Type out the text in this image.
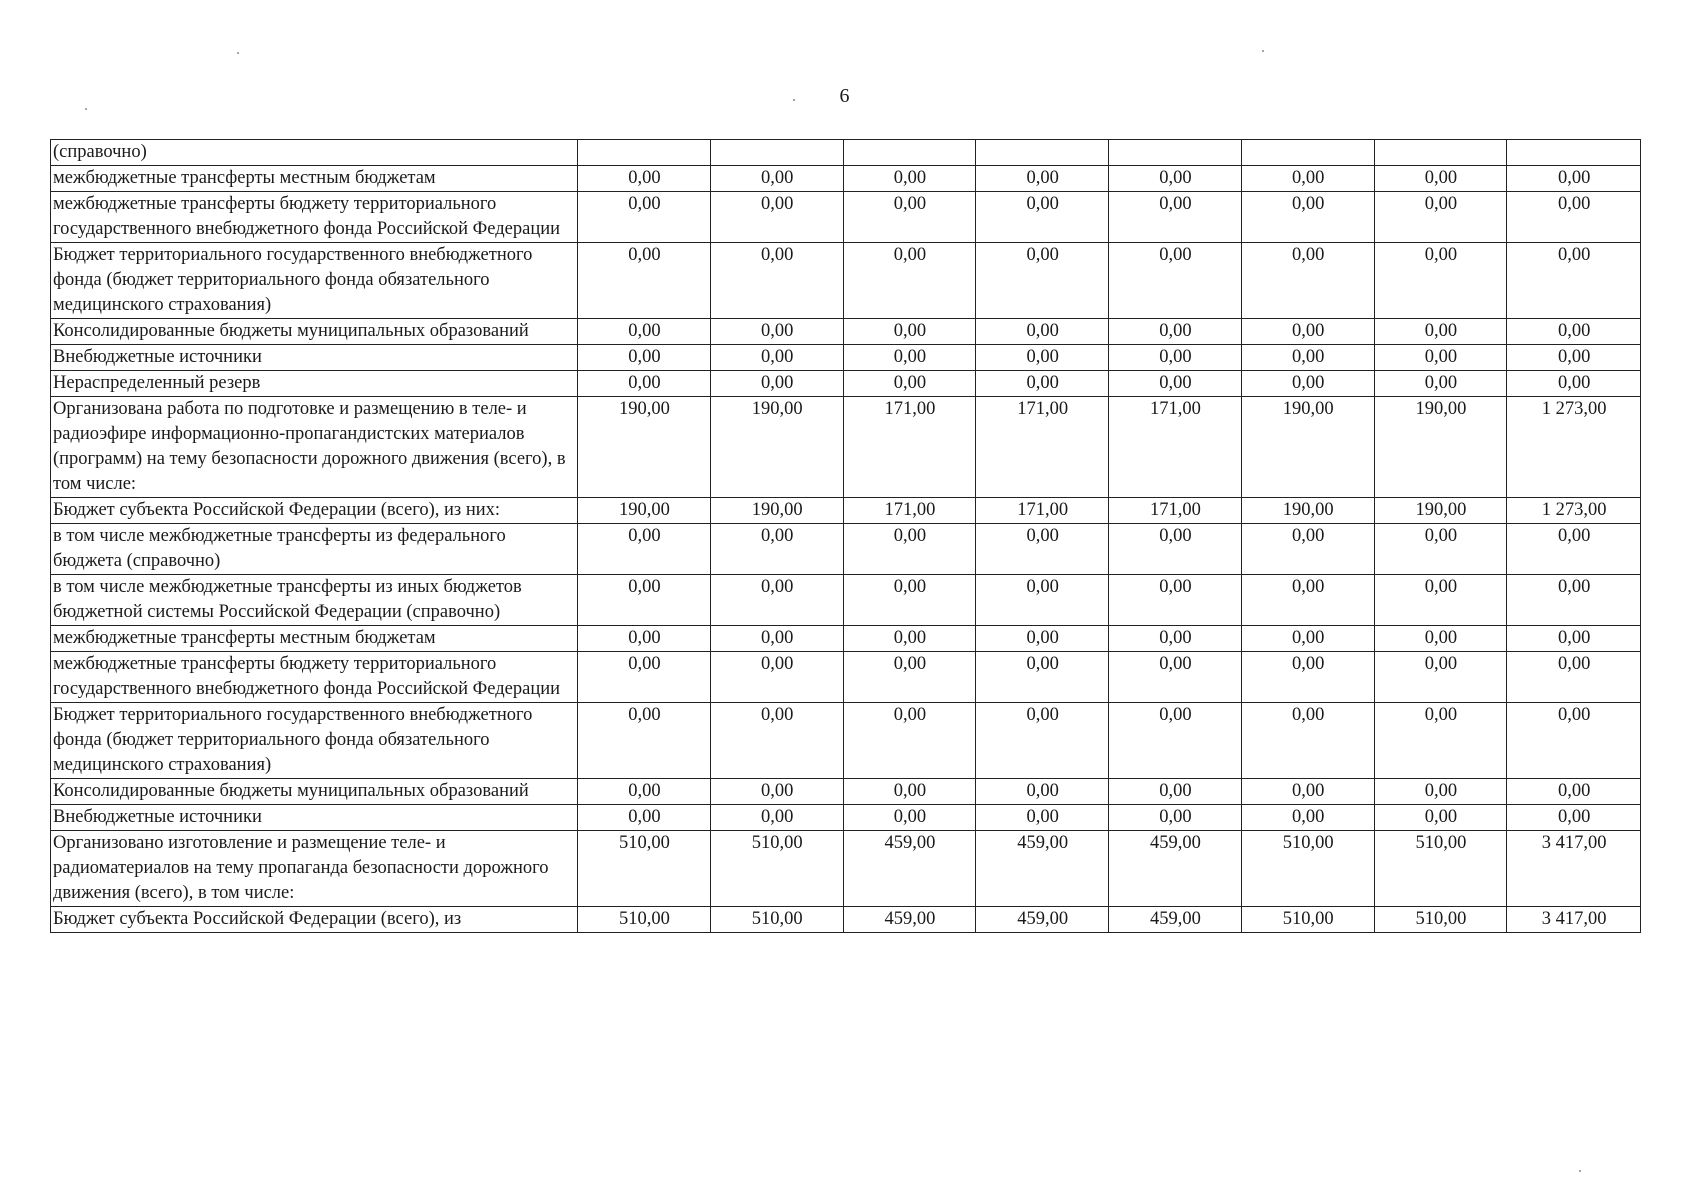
6
(справочно)								
межбюджетные трансферты местным бюджетам	0,00	0,00	0,00	0,00	0,00	0,00	0,00	0,00
межбюджетные трансферты бюджету территориального государственного внебюджетного фонда Российской Федерации	0,00	0,00	0,00	0,00	0,00	0,00	0,00	0,00
Бюджет территориального государственного внебюджетного фонда (бюджет территориального фонда обязательного медицинского страхования)	0,00	0,00	0,00	0,00	0,00	0,00	0,00	0,00
Консолидированные бюджеты муниципальных образований	0,00	0,00	0,00	0,00	0,00	0,00	0,00	0,00
Внебюджетные источники	0,00	0,00	0,00	0,00	0,00	0,00	0,00	0,00
Нераспределенный резерв	0,00	0,00	0,00	0,00	0,00	0,00	0,00	0,00
Организована работа по подготовке и размещению в теле- и радиоэфире информационно-пропагандистских материалов (программ) на тему безопасности дорожного движения (всего), в том числе:	190,00	190,00	171,00	171,00	171,00	190,00	190,00	1 273,00
Бюджет субъекта Российской Федерации (всего), из них:	190,00	190,00	171,00	171,00	171,00	190,00	190,00	1 273,00
в том числе межбюджетные трансферты из федерального бюджета (справочно)	0,00	0,00	0,00	0,00	0,00	0,00	0,00	0,00
в том числе межбюджетные трансферты из иных бюджетов бюджетной системы Российской Федерации (справочно)	0,00	0,00	0,00	0,00	0,00	0,00	0,00	0,00
межбюджетные трансферты местным бюджетам	0,00	0,00	0,00	0,00	0,00	0,00	0,00	0,00
межбюджетные трансферты бюджету территориального государственного внебюджетного фонда Российской Федерации	0,00	0,00	0,00	0,00	0,00	0,00	0,00	0,00
Бюджет территориального государственного внебюджетного фонда (бюджет территориального фонда обязательного медицинского страхования)	0,00	0,00	0,00	0,00	0,00	0,00	0,00	0,00
Консолидированные бюджеты муниципальных образований	0,00	0,00	0,00	0,00	0,00	0,00	0,00	0,00
Внебюджетные источники	0,00	0,00	0,00	0,00	0,00	0,00	0,00	0,00
Организовано изготовление и размещение теле- и радиоматериалов на тему пропаганда безопасности дорожного движения (всего), в том числе:	510,00	510,00	459,00	459,00	459,00	510,00	510,00	3 417,00
Бюджет субъекта Российской Федерации (всего), из	510,00	510,00	459,00	459,00	459,00	510,00	510,00	3 417,00
